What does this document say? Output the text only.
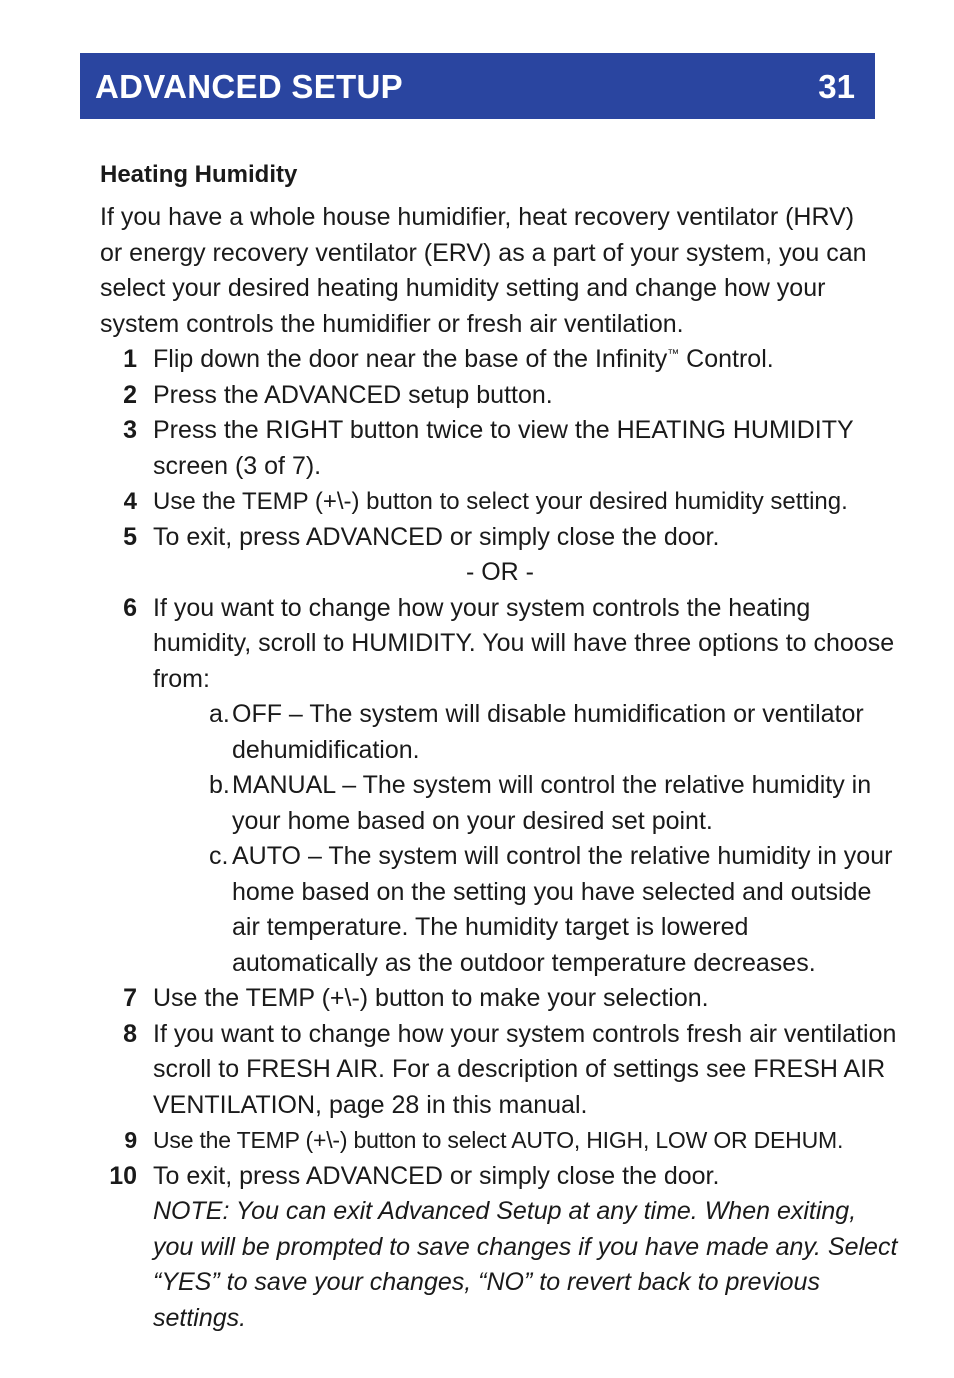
ADVANCED SETUP	31
Heating Humidity
If you have a whole house humidifier, heat recovery ventilator (HRV) or energy recovery ventilator (ERV) as a part of your system, you can select your desired heating humidity setting and change how your system controls the humidifier or fresh air ventilation.
1 Flip down the door near the base of the Infinity™ Control.
2 Press the ADVANCED setup button.
3 Press the RIGHT button twice to view the HEATING HUMIDITY screen (3 of 7).
4 Use the TEMP (+\-) button to select your desired humidity setting.
5 To exit, press ADVANCED or simply close the door.
- OR -
6 If you want to change how your system controls the heating humidity, scroll to HUMIDITY. You will have three options to choose from:
a. OFF – The system will disable humidification or ventilator dehumidification.
b. MANUAL – The system will control the relative humidity in your home based on your desired set point.
c. AUTO – The system will control the relative humidity in your home based on the setting you have selected and outside air temperature. The humidity target is lowered automatically as the outdoor temperature decreases.
7 Use the TEMP (+\-) button to make your selection.
8 If you want to change how your system controls fresh air ventilation scroll to FRESH AIR. For a description of settings see FRESH AIR VENTILATION, page 28 in this manual.
9 Use the TEMP (+\-) button to select AUTO, HIGH, LOW OR DEHUM.
10 To exit, press ADVANCED or simply close the door.
NOTE: You can exit Advanced Setup at any time. When exiting, you will be prompted to save changes if you have made any. Select “YES” to save your changes, “NO” to revert back to previous settings.
